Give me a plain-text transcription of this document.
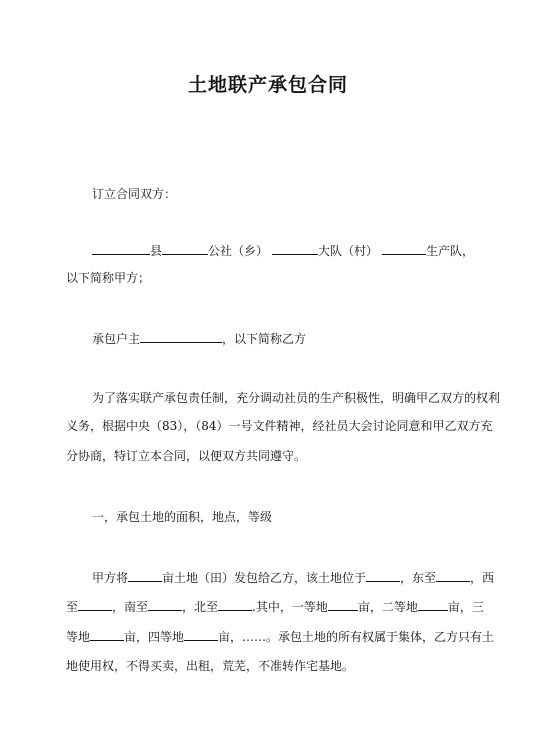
土地联产承包合同
订立合同双方：
县	公社（乡）	大队（村）	生产队，
以下简称甲方；
承包户主	，以下简称乙方
为了落实联产承包责任制，充分调动社员的生产积极性，明确甲乙双方的权利
义务，根据中央（83），（84）一号文件精神，经社员大会讨论同意和甲乙双方充
分协商，特订立本合同，以便双方共同遵守。
一，承包土地的面积，地点，等级
甲方将	亩土地（田）发包给乙方，该土地位于	，东至	，西
至	，南至	，北至	.其中，一等地	亩，二等地	亩，三
等地	亩，四等地	亩，……。承包土地的所有权属于集体，乙方只有土
地使用权，不得买卖，出租，荒芜，不准转作宅基地。
